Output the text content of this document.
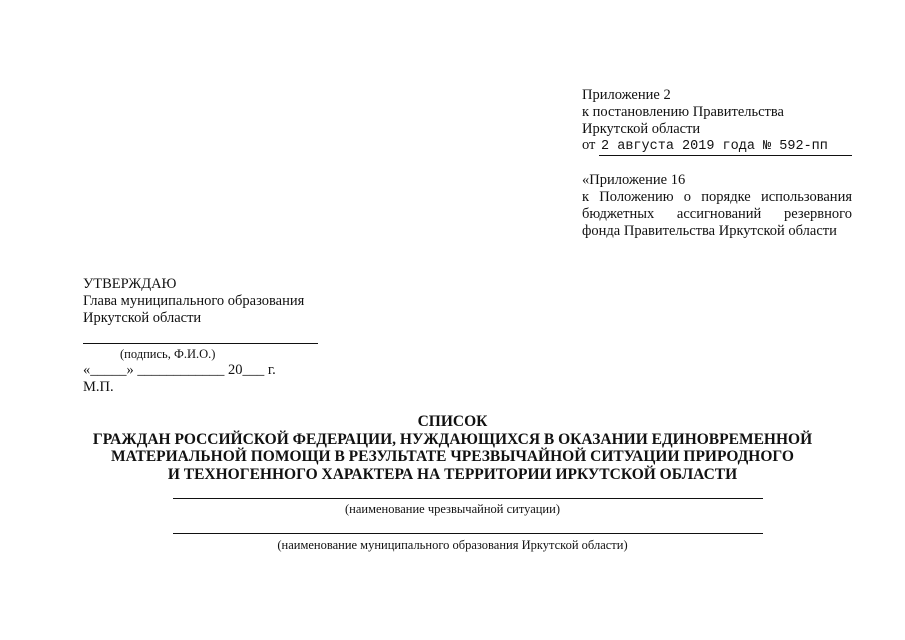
Приложение 2
к постановлению Правительства
Иркутской области
от 2 августа 2019 года № 592-пп
«Приложение 16
к Положению о порядке использования
бюджетных ассигнований резервного
фонда Правительства Иркутской области
УТВЕРЖДАЮ
Глава муниципального образования
Иркутской области
(подпись, Ф.И.О.)
«_____» ____________ 20___ г.
М.П.
СПИСОК
ГРАЖДАН РОССИЙСКОЙ ФЕДЕРАЦИИ, НУЖДАЮЩИХСЯ В ОКАЗАНИИ ЕДИНОВРЕМЕННОЙ
МАТЕРИАЛЬНОЙ ПОМОЩИ В РЕЗУЛЬТАТЕ ЧРЕЗВЫЧАЙНОЙ СИТУАЦИИ ПРИРОДНОГО
И ТЕХНОГЕННОГО ХАРАКТЕРА НА ТЕРРИТОРИИ ИРКУТСКОЙ ОБЛАСТИ
(наименование чрезвычайной ситуации)
(наименование муниципального образования Иркутской области)
